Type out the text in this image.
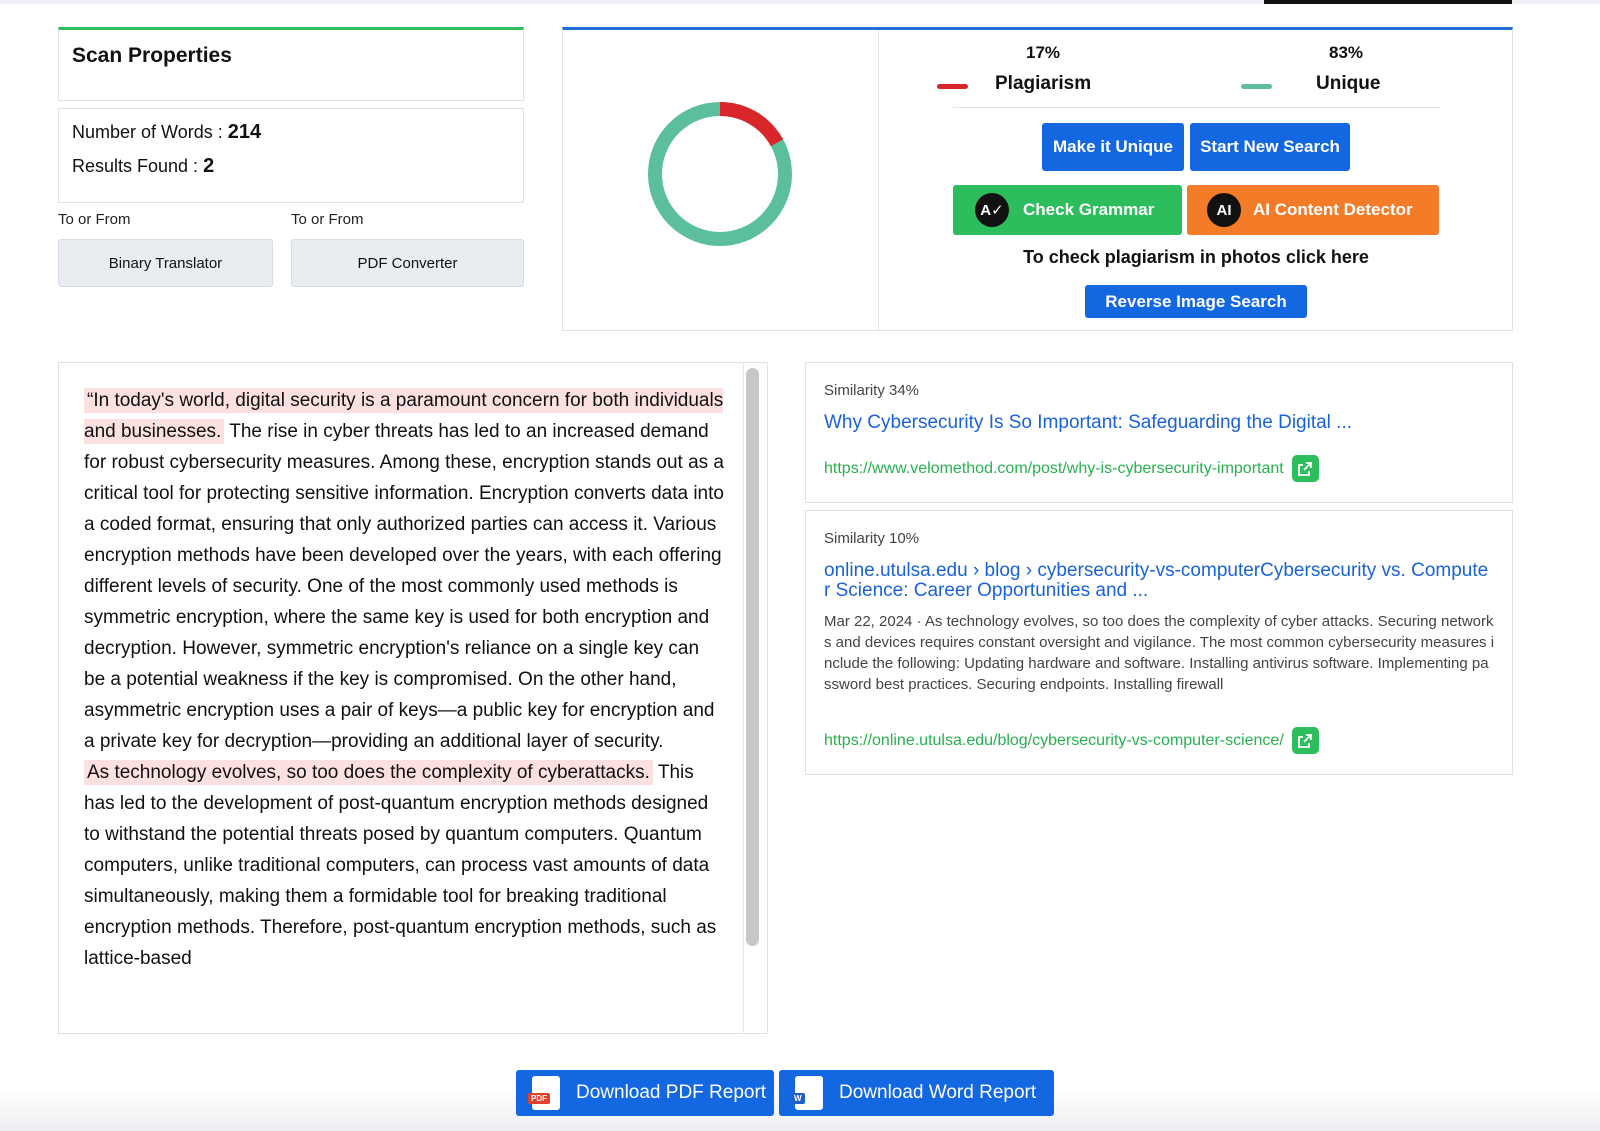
Scan Properties
Number of Words : 214
Results Found : 2
To or From	To or From
Binary Translator	PDF Converter
17%	83%
Plagiarism	Unique
Make it Unique	Start New Search
A✓	Check Grammar	AI	AI Content Detector
To check plagiarism in photos click here
Reverse Image Search
“In today's world, digital security is a paramount concern for both individuals and businesses. The rise in cyber threats has led to an increased demand for robust cybersecurity measures. Among these, encryption stands out as a critical tool for protecting sensitive information. Encryption converts data into a coded format, ensuring that only authorized parties can access it. Various encryption methods have been developed over the years, with each offering different levels of security. One of the most commonly used methods is symmetric encryption, where the same key is used for both encryption and decryption. However, symmetric encryption's reliance on a single key can be a potential weakness if the key is compromised. On the other hand, asymmetric encryption uses a pair of keys—a public key for encryption and a private key for decryption—providing an additional layer of security.
As technology evolves, so too does the complexity of cyberattacks. This has led to the development of post-quantum encryption methods designed to withstand the potential threats posed by quantum computers. Quantum computers, unlike traditional computers, can process vast amounts of data simultaneously, making them a formidable tool for breaking traditional encryption methods. Therefore, post-quantum encryption methods, such as lattice-based
Similarity 34%
Why Cybersecurity Is So Important: Safeguarding the Digital ...
https://www.velomethod.com/post/why-is-cybersecurity-important
Similarity 10%
online.utulsa.edu › blog › cybersecurity-vs-computerCybersecurity vs. Computer Science: Career Opportunities and ...
Mar 22, 2024 · As technology evolves, so too does the complexity of cyber attacks. Securing networks and devices requires constant oversight and vigilance. The most common cybersecurity measures include the following: Updating hardware and software. Installing antivirus software. Implementing password best practices. Securing endpoints. Installing firewall
https://online.utulsa.edu/blog/cybersecurity-vs-computer-science/
PDF Download PDF Report	W Download Word Report
